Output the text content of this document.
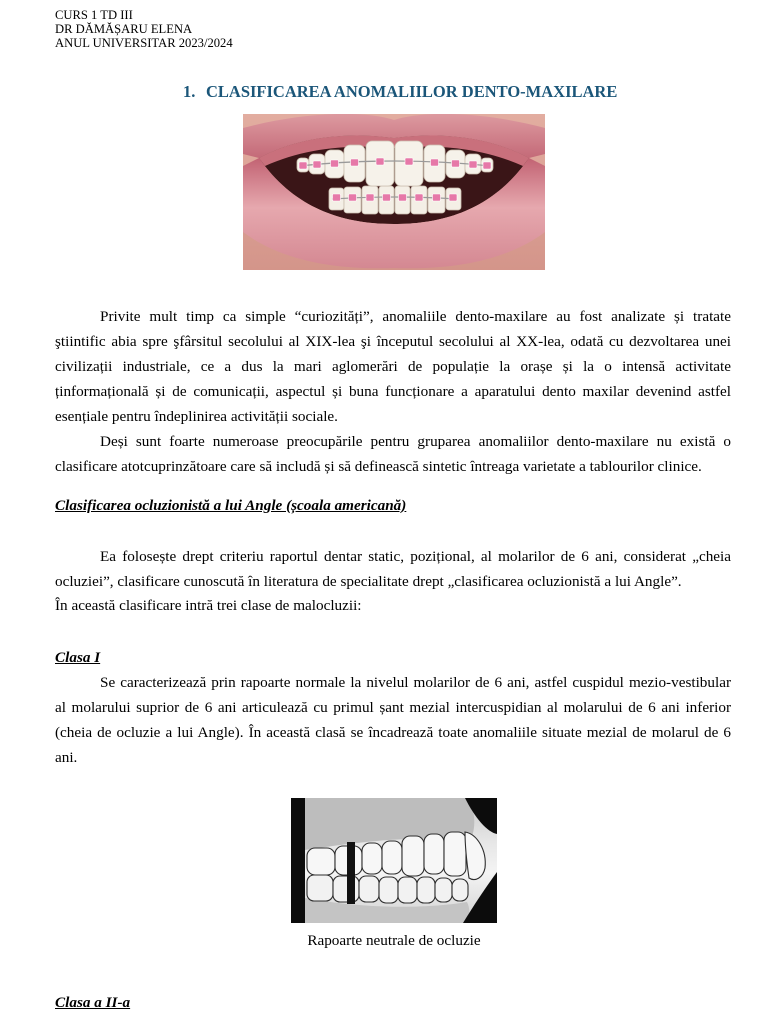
CURS 1 TD III
DR DĂMĂȘARU ELENA
ANUL UNIVERSITAR 2023/2024
1. CLASIFICAREA ANOMALIILOR DENTO-MAXILARE
Privite mult timp ca simple “curiozități”, anomaliile dento-maxilare au fost analizate și tratate
ştiintific abia spre şfârsitul secolului al XIX-lea şi începutul secolului al XX-lea, odată cu dezvoltarea unei
civilizații industriale, ce a dus la mari aglomerări de populație la orașe și la o intensă activitate
ținformațională și de comunicații, aspectul și buna funcționare a aparatului dento maxilar devenind astfel
esențiale pentru îndeplinirea activității sociale.
Deși sunt foarte numeroase preocupările pentru gruparea anomaliilor dento-maxilare nu există o
clasificare atotcuprinzătoare care să includă și să definească sintetic întreaga varietate a tablourilor clinice.
Clasificarea ocluzionistă a lui Angle (școala americană)
Ea folosește drept criteriu raportul dentar static, pozițional, al molarilor de 6 ani, considerat „cheia
ocluziei”, clasificare cunoscută în literatura de specialitate drept „clasificarea ocluzionistă a lui Angle”.
În această clasificare intră trei clase de malocluzii:
Clasa I
Se caracterizează prin rapoarte normale la nivelul molarilor de 6 ani, astfel cuspidul mezio-vestibular
al molarului suprior de 6 ani articulează cu primul șant mezial intercuspidian al molarului de 6 ani inferior
(cheia de ocluzie a lui Angle). În această clasă se încadrează toate anomaliile situate mezial de molarul de 6
ani.
Rapoarte neutrale de ocluzie
Clasa a II-a
